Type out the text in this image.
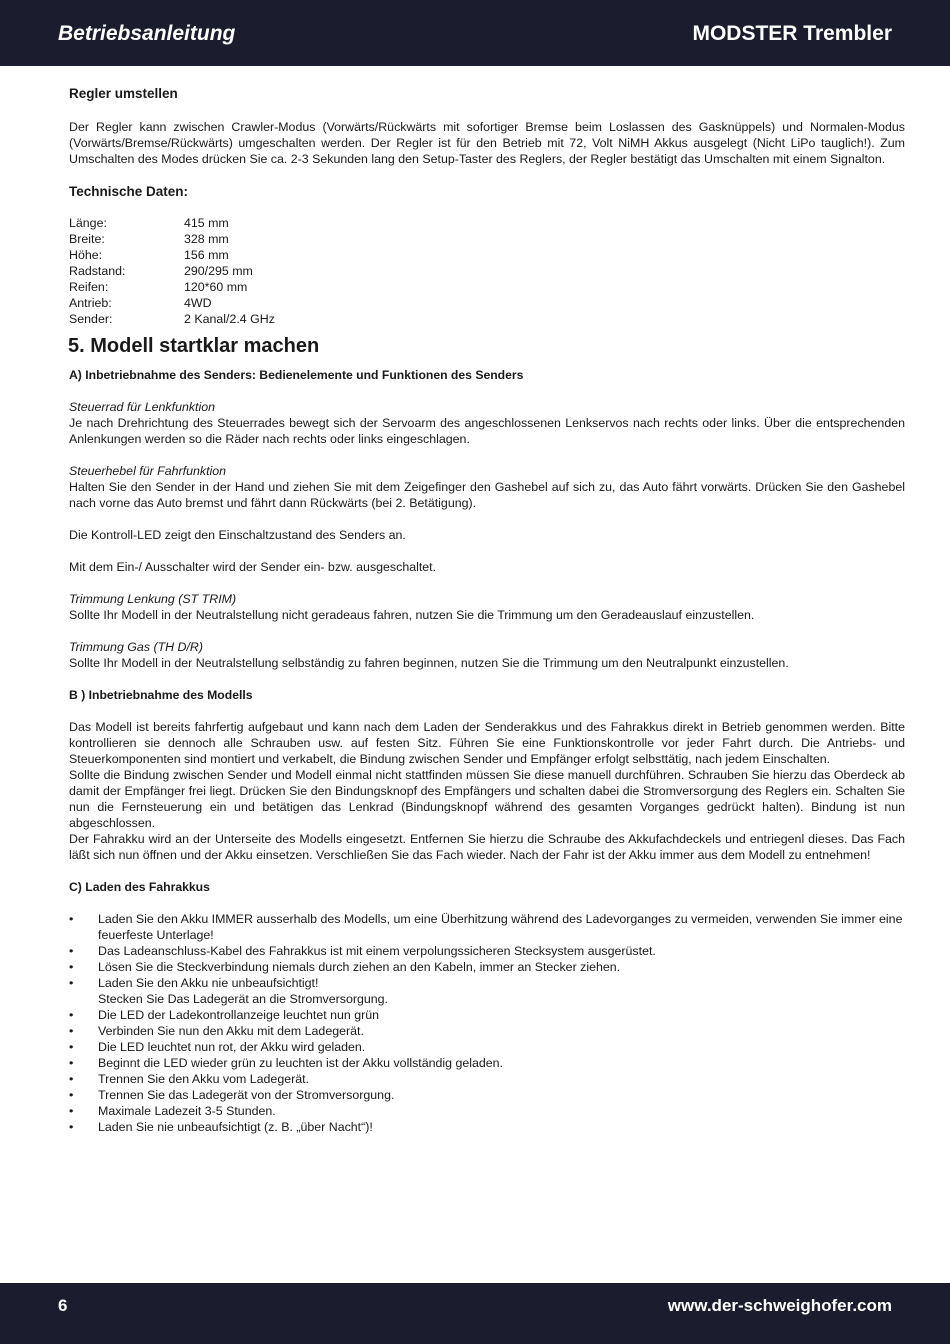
Betriebsanleitung	MODSTER Trembler
Regler umstellen

Der Regler kann zwischen Crawler-Modus (Vorwärts/Rückwärts mit sofortiger Bremse beim Loslassen des Gasknüppels) und Normalen-Modus (Vorwärts/Bremse/Rückwärts) umgeschalten werden. Der Regler ist für den Betrieb mit 72, Volt NiMH Akkus ausgelegt (Nicht LiPo tauglich!). Zum Umschalten des Modes drücken Sie ca. 2-3 Sekunden lang den Setup-Taster des Reglers, der Regler bestätigt das Umschalten mit einem Signalton.

Technische Daten:
Länge:	415 mm
Breite:	328 mm
Höhe:	156 mm
Radstand:	290/295 mm
Reifen:	120*60 mm
Antrieb:	4WD
Sender:	2 Kanal/2.4 GHz
5. Modell startklar machen
A) Inbetriebnahme des Senders: Bedienelemente und Funktionen des Senders
Steuerrad für Lenkfunktion

Je nach Drehrichtung des Steuerrades bewegt sich der Servoarm des angeschlossenen Lenkservos nach rechts oder links. Über die entsprechenden Anlenkungen werden so die Räder nach rechts oder links eingeschlagen.

Steuerhebel für Fahrfunktion

Halten Sie den Sender in der Hand und ziehen Sie mit dem Zeigefinger den Gashebel auf sich zu, das Auto fährt vorwärts. Drücken Sie den Gashebel nach vorne das Auto bremst und fährt dann Rückwärts (bei 2. Betätigung).

Die Kontroll-LED zeigt den Einschaltzustand des Senders an.

Mit dem Ein-/ Ausschalter wird der Sender ein- bzw. ausgeschaltet.

Trimmung Lenkung (ST TRIM)

Sollte Ihr Modell in der Neutralstellung nicht geradeaus fahren, nutzen Sie die Trimmung um den Geradeauslauf einzustellen.

Trimmung Gas (TH D/R)

Sollte Ihr Modell in der Neutralstellung selbständig zu fahren beginnen, nutzen Sie die Trimmung um den Neutralpunkt einzustellen.

B ) Inbetriebnahme des Modells

Das Modell ist bereits fahrfertig aufgebaut und kann nach dem Laden der Senderakkus und des Fahrakkus direkt in Betrieb genommen werden. Bitte kontrollieren sie dennoch alle Schrauben usw. auf festen Sitz. Führen Sie eine Funktionskontrolle vor jeder Fahrt durch. Die Antriebs- und Steuerkomponenten sind montiert und verkabelt, die Bindung zwischen Sender und Empfänger erfolgt selbsttätig, nach jedem Einschalten.

Sollte die Bindung zwischen Sender und Modell einmal nicht stattfinden müssen Sie diese manuell durchführen. Schrauben Sie hierzu das Oberdeck ab damit der Empfänger frei liegt. Drücken Sie den Bindungsknopf des Empfängers und schalten dabei die Stromversorgung des Reglers ein. Schalten Sie nun die Fernsteuerung ein und betätigen das Lenkrad (Bindungsknopf während des gesamten Vorganges gedrückt halten). Bindung ist nun abgeschlossen.

Der Fahrakku wird an der Unterseite des Modells eingesetzt. Entfernen Sie hierzu die Schraube des Akkufachdeckels und entriegenl dieses. Das Fach läßt sich nun öffnen und der Akku einsetzen. Verschließen Sie das Fach wieder. Nach der Fahr ist der Akku immer aus dem Modell zu entnehmen!

C) Laden des Fahrakkus
• Laden Sie den Akku IMMER ausserhalb des Modells, um eine Überhitzung während des Ladevorganges zu vermeiden, verwenden Sie immer eine feuerfeste Unterlage!
• Das Ladeanschluss-Kabel des Fahrakkus ist mit einem verpolungssicheren Stecksystem ausgerüstet.
• Lösen Sie die Steckverbindung niemals durch ziehen an den Kabeln, immer an Stecker ziehen.
• Laden Sie den Akku nie unbeaufsichtigt!
Stecken Sie Das Ladegerät an die Stromversorgung.
• Die LED der Ladekontrollanzeige leuchtet nun grün
• Verbinden Sie nun den Akku mit dem Ladegerät.
• Die LED leuchtet nun rot, der Akku wird geladen.
• Beginnt die LED wieder grün zu leuchten ist der Akku vollständig geladen.
• Trennen Sie den Akku vom Ladegerät.
• Trennen Sie das Ladegerät von der Stromversorgung.
• Maximale Ladezeit 3-5 Stunden.
• Laden Sie nie unbeaufsichtigt (z. B. „über Nacht“)!
6	www.der-schweighofer.com
